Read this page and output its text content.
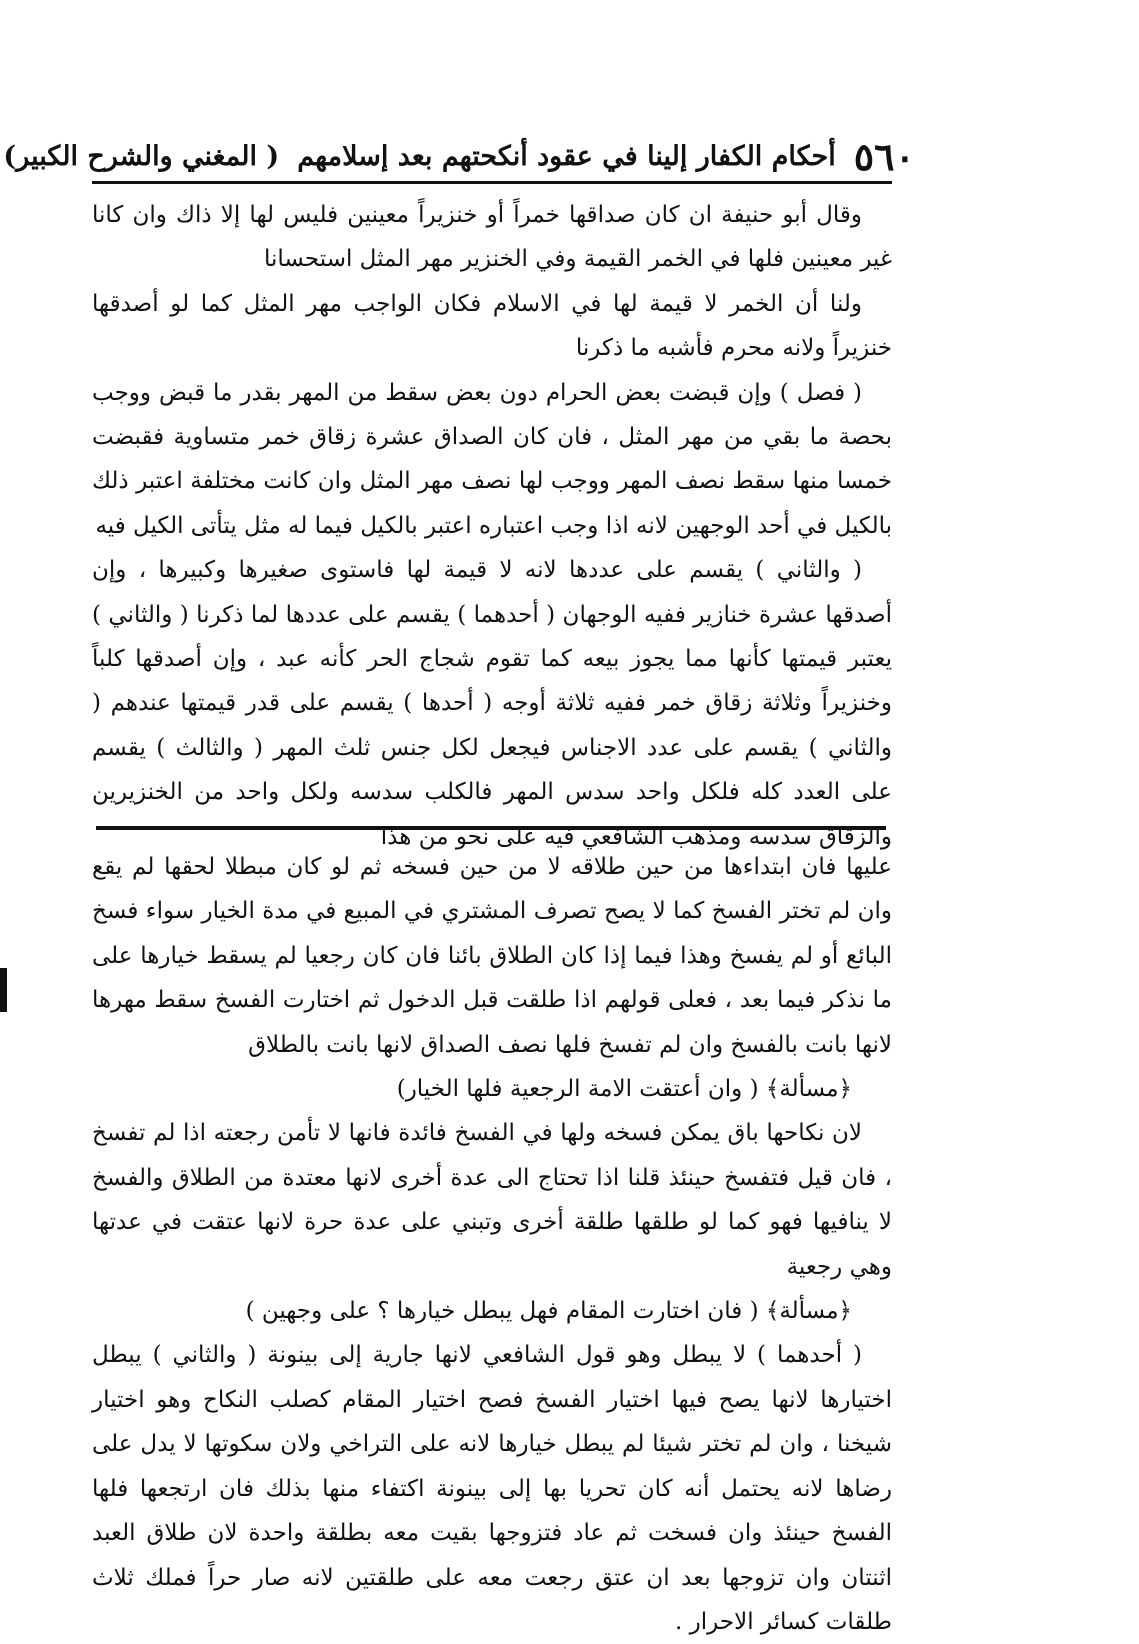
٥٦٠
أحكام الكفار إلينا في عقود أنكحتهم بعد إسلامهم
( المغني والشرح الكبير)

وقال أبو حنيفة ان كان صداقها خمراً أو خنزيراً معينين فليس لها إلا ذاك وان كانا غير معينين فلها في الخمر القيمة وفي الخنزير مهر المثل استحسانا

ولنا أن الخمر لا قيمة لها في الاسلام فكان الواجب مهر المثل كما لو أصدقها خنزيراً ولانه محرم فأشبه ما ذكرنا

( فصل ) وإن قبضت بعض الحرام دون بعض سقط من المهر بقدر ما قبض ووجب بحصة ما بقي من مهر المثل ، فان كان الصداق عشرة زقاق خمر متساوية فقبضت خمسا منها سقط نصف المهر ووجب لها نصف مهر المثل وان كانت مختلفة اعتبر ذلك بالكيل في أحد الوجهين لانه اذا وجب اعتباره اعتبر بالكيل فيما له مثل يتأتى الكيل فيه

( والثاني ) يقسم على عددها لانه لا قيمة لها فاستوى صغيرها وكبيرها ، وإن أصدقها عشرة خنازير ففيه الوجهان ( أحدهما ) يقسم على عددها لما ذكرنا ( والثاني ) يعتبر قيمتها كأنها مما يجوز بيعه كما تقوم شجاج الحر كأنه عبد ، وإن أصدقها كلباً وخنزيراً وثلاثة زقاق خمر ففيه ثلاثة أوجه ( أحدها ) يقسم على قدر قيمتها عندهم ( والثاني ) يقسم على عدد الاجناس فيجعل لكل جنس ثلث المهر ( والثالث ) يقسم على العدد كله فلكل واحد سدس المهر فالكلب سدسه ولكل واحد من الخنزيرين والزقاق سدسه ومذهب الشافعي فيه على نحو من هذا

عليها فان ابتداءها من حين طلاقه لا من حين فسخه ثم لو كان مبطلا لحقها لم يقع وان لم تختر الفسخ كما لا يصح تصرف المشتري في المبيع في مدة الخيار سواء فسخ البائع أو لم يفسخ وهذا فيما إذا كان الطلاق بائنا فان كان رجعيا لم يسقط خيارها على ما نذكر فيما بعد ، فعلى قولهم اذا طلقت قبل الدخول ثم اختارت الفسخ سقط مهرها لانها بانت بالفسخ وان لم تفسخ فلها نصف الصداق لانها بانت بالطلاق

﴿مسألة﴾ ( وان أعتقت الامة الرجعية فلها الخيار)

لان نكاحها باق يمكن فسخه ولها في الفسخ فائدة فانها لا تأمن رجعته اذا لم تفسخ ، فان قيل فتفسخ حينئذ قلنا اذا تحتاج الى عدة أخرى لانها معتدة من الطلاق والفسخ لا ينافيها فهو كما لو طلقها طلقة أخرى وتبني على عدة حرة لانها عتقت في عدتها وهي رجعية

﴿مسألة﴾ ( فان اختارت المقام فهل يبطل خيارها ؟ على وجهين )

( أحدهما ) لا يبطل وهو قول الشافعي لانها جارية إلى بينونة ( والثاني ) يبطل اختيارها لانها يصح فيها اختيار الفسخ فصح اختيار المقام كصلب النكاح وهو اختيار شيخنا ، وان لم تختر شيئا لم يبطل خيارها لانه على التراخي ولان سكوتها لا يدل على رضاها لانه يحتمل أنه كان تحريا بها إلى بينونة اكتفاء منها بذلك فان ارتجعها فلها الفسخ حينئذ وان فسخت ثم عاد فتزوجها بقيت معه بطلقة واحدة لان طلاق العبد اثنتان وان تزوجها بعد ان عتق رجعت معه على طلقتين لانه صار حراً فملك ثلاث طلقات كسائر الاحرار .
